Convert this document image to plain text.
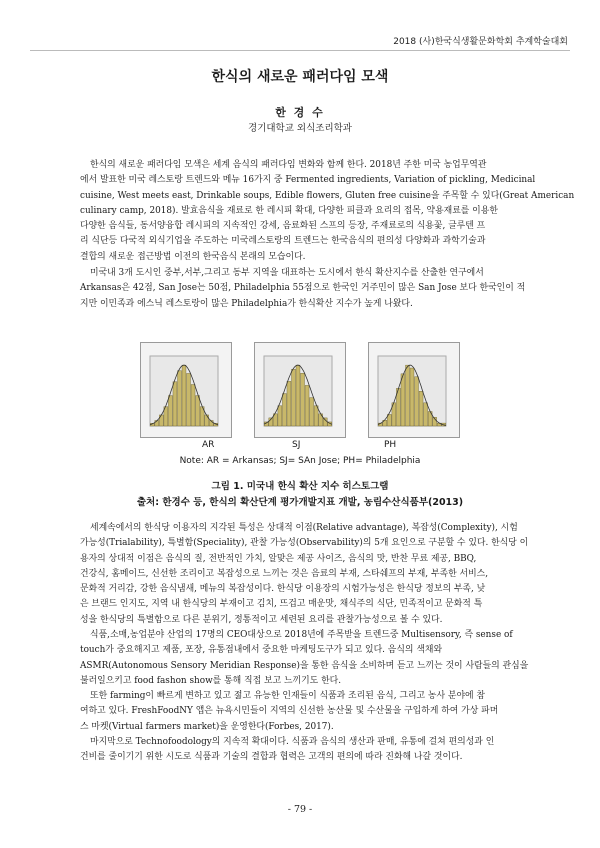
2018 (사)한국식생활문화학회 추계학술대회
한식의 새로운 패러다임 모색
한 경 수
경기대학교 외식조리학과
한식의 새로운 패러다임 모색은 세계 음식의 패러다임 변화와 함께 한다. 2018년 주한 미국 농업무역관
에서 발표한 미국 레스토랑 트렌드와 메뉴 16가지 중 Fermented ingredients, Variation of pickling, Medicinal
cuisine, West meets east, Drinkable soups, Edible flowers, Gluten free cuisine을 주목할 수 있다(Great American
culinary camp, 2018). 발효음식을 재료로 한 레시피 확대, 다양한 피클과 요리의 접목, 약용재료를 이용한
다양한 음식들, 동서양융합 레시피의 지속적인 강세, 음료화된 스프의 등장, 주재료로의 식용꽃, 글루텐 프
리 식단등 다국적 외식기업을 주도하는 미국레스토랑의 트렌드는 한국음식의 편의성 다양화과 과학기술과
결합의 새로운 접근방법 이전의 한국음식 본래의 모습이다.
미국내 3개 도시인 중부,서부,그리고 동부 지역을 대표하는 도시에서 한식 확산지수를 산출한 연구에서
Arkansas은 42점, San Jose는 50점, Philadelphia 55점으로 한국인 거주민이 많은 San Jose 보다 한국인이 적
지만 이민족과 에스닉 레스토랑이 많은 Philadelphia가 한식확산 지수가 높게 나왔다.
AR	SJ	PH
Note: AR = Arkansas; SJ= SAn Jose; PH= Philadelphia
그림 1. 미국내 한식 확산 지수 히스토그램
출처: 한경수 등, 한식의 확산단계 평가개발지표 개발, 농림수산식품부(2013)
세계속에서의 한식당 이용자의 지각된 특성은 상대적 이점(Relative advantage), 복잡성(Complexity), 시험
가능성(Trialability), 특별함(Speciality), 관찰 가능성(Observability)의 5개 요인으로 구분할 수 있다. 한식당 이
용자의 상대적 이점은 음식의 질, 전반적인 가치, 알맞은 제공 사이즈, 음식의 맛, 반찬 무료 제공, BBQ,
건강식, 홈메이드, 신선한 조리이고 복잡성으로 느끼는 것은 음료의 부재, 스타쉐프의 부재, 부족한 서비스,
문화적 거리감, 강한 음식냄새, 메뉴의 복잡성이다. 한식당 이용장의 시험가능성은 한식당 정보의 부족, 낮
은 브랜드 인지도, 지역 내 한식당의 부재이고 김치, 뜨겁고 매운맛, 채식주의 식단, 민족적이고 문화적 특
성을 한식당의 특별함으로 다른 분위기, 정통적이고 세련된 요리를 관찰가능성으로 볼 수 있다.
식품,소매,농업분야 산업의 17명의 CEO대상으로 2018년에 주목받을 트렌드중 Multisensory, 즉 sense of
touch가 중요해지고 제품, 포장, 유통점내에서 중요한 마케팅도구가 되고 있다. 음식의 색채와
ASMR(Autonomous Sensory Meridian Response)을 통한 음식을 소비하며 듣고 느끼는 것이 사람들의 관심을
불러일으키고 food fashon show를 통해 직접 보고 느끼기도 한다.
또한 farming이 빠르게 변하고 있고 젊고 유능한 인재들이 식품과 조리된 음식, 그리고 농사 분야에 참
여하고 있다. FreshFoodNY 앱은 뉴욕시민들이 지역의 신선한 농산물 및 수산물을 구입하게 하여 가상 파머
스 마켓(Virtual farmers market)을 운영한다(Forbes, 2017).
마지막으로 Technofoodology의 지속적 확대이다. 식품과 음식의 생산과 판매, 유통에 걸쳐 편의성과 인
건비를 줄이기기 위한 시도로 식품과 기술의 결합과 협력은 고객의 편의에 따라 진화해 나갈 것이다.
- 79 -
